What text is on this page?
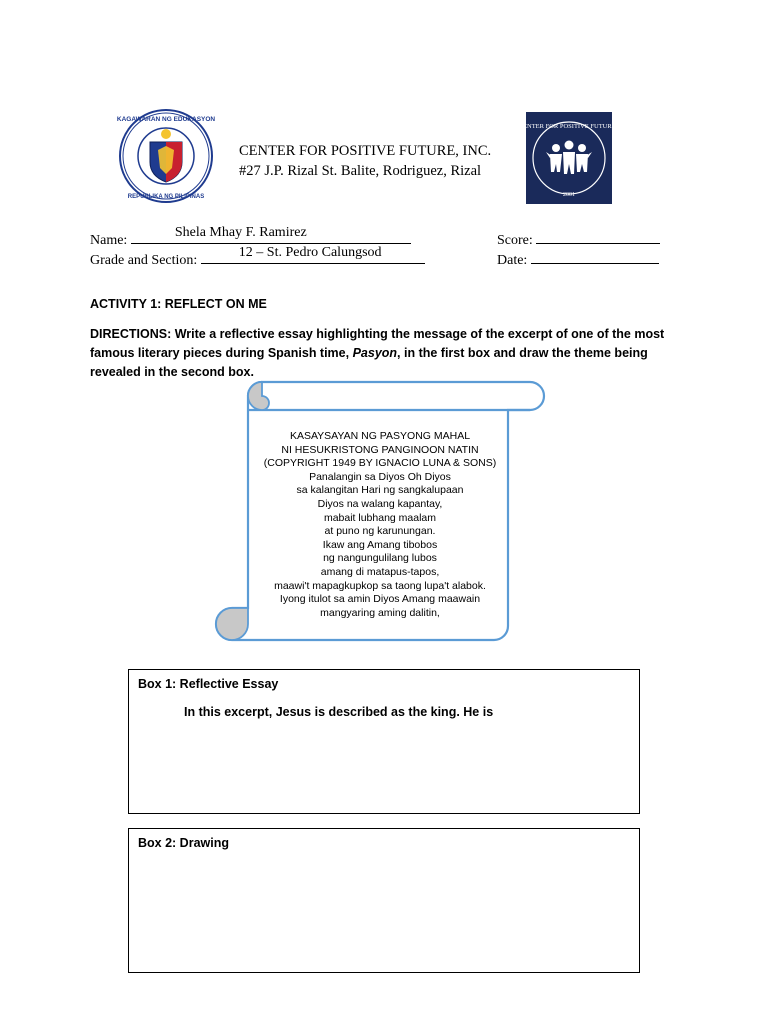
KAGAWARAN NG EDUKASYON
REPUBLIKA NG PILIPINAS
CENTER FOR POSITIVE FUTURE, INC.
#27 J.P. Rizal St. Balite, Rodriguez, Rizal
CENTER FOR POSITIVE FUTURES
2001
Name:
Shela Mhay F. Ramirez
Score:
Grade and Section:
12 – St. Pedro Calungsod
Date:
ACTIVITY 1: REFLECT ON ME
DIRECTIONS: Write a reflective essay highlighting the message of the excerpt of one of the most famous literary pieces during Spanish time, Pasyon, in the first box and draw the theme being revealed in the second box.
KASAYSAYAN NG PASYONG MAHAL
NI HESUKRISTONG PANGINOON NATIN
(COPYRIGHT 1949 BY IGNACIO LUNA & SONS)
Panalangin sa Diyos Oh Diyos
sa kalangitan Hari ng sangkalupaan
Diyos na walang kapantay,
mabait lubhang maalam
at puno ng karunungan.
Ikaw ang Amang tibobos
ng nangungulilang lubos
amang di matapus-tapos,
maawi't mapagkupkop sa taong lupa't alabok.
Iyong itulot sa amin Diyos Amang maawain
mangyaring aming dalitin,
Box 1: Reflective Essay
In this excerpt, Jesus is described as the king. He is
Box 2: Drawing
